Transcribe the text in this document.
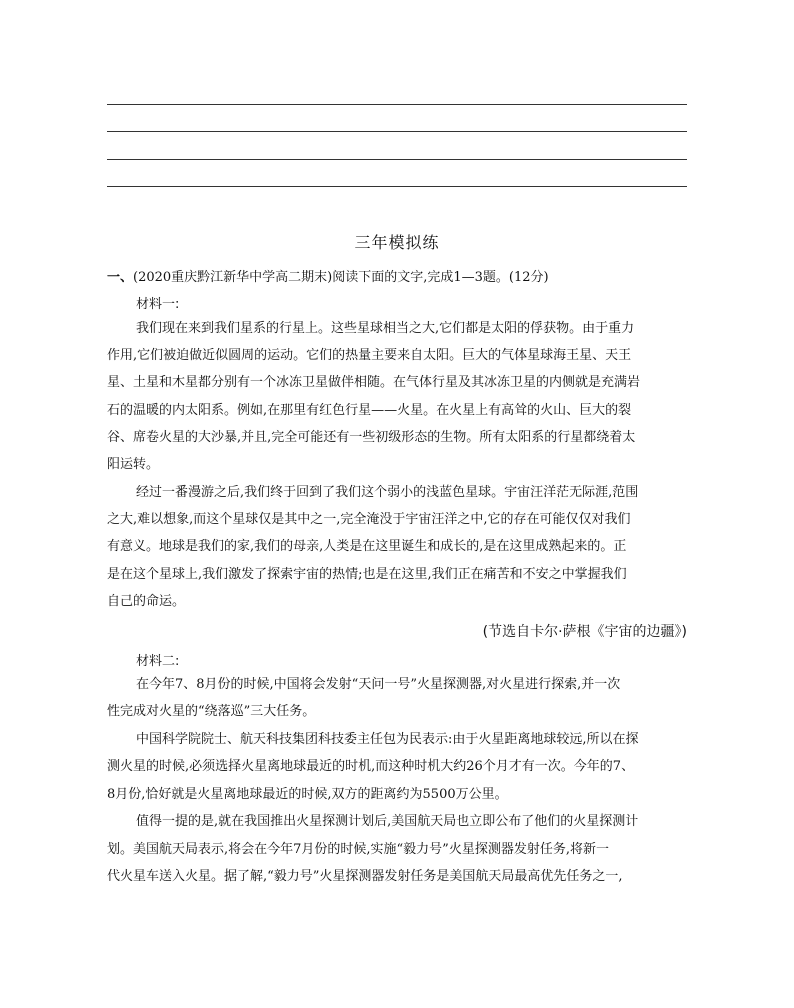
三年模拟练
一、(2020重庆黔江新华中学高二期末)阅读下面的文字,完成1—3题。(12分)
材料一:
我们现在来到我们星系的行星上。这些星球相当之大,它们都是太阳的俘获物。由于重力
作用,它们被迫做近似圆周的运动。它们的热量主要来自太阳。巨大的气体星球海王星、天王
星、土星和木星都分别有一个冰冻卫星做伴相随。在气体行星及其冰冻卫星的内侧就是充满岩
石的温暖的内太阳系。例如,在那里有红色行星——火星。在火星上有高耸的火山、巨大的裂
谷、席卷火星的大沙暴,并且,完全可能还有一些初级形态的生物。所有太阳系的行星都绕着太
阳运转。
经过一番漫游之后,我们终于回到了我们这个弱小的浅蓝色星球。宇宙汪洋茫无际涯,范围
之大,难以想象,而这个星球仅是其中之一,完全淹没于宇宙汪洋之中,它的存在可能仅仅对我们
有意义。地球是我们的家,我们的母亲,人类是在这里诞生和成长的,是在这里成熟起来的。正
是在这个星球上,我们激发了探索宇宙的热情;也是在这里,我们正在痛苦和不安之中掌握我们
自己的命运。
(节选自卡尔·萨根《宇宙的边疆》)
材料二:
在今年7、8月份的时候,中国将会发射“天问一号”火星探测器,对火星进行探索,并一次
性完成对火星的“绕落巡”三大任务。
中国科学院院士、航天科技集团科技委主任包为民表示:由于火星距离地球较远,所以在探
测火星的时候,必须选择火星离地球最近的时机,而这种时机大约26个月才有一次。今年的7、
8月份,恰好就是火星离地球最近的时候,双方的距离约为5500万公里。
值得一提的是,就在我国推出火星探测计划后,美国航天局也立即公布了他们的火星探测计
划。美国航天局表示,将会在今年7月份的时候,实施“毅力号”火星探测器发射任务,将新一
代火星车送入火星。据了解,“毅力号”火星探测器发射任务是美国航天局最高优先任务之一,
